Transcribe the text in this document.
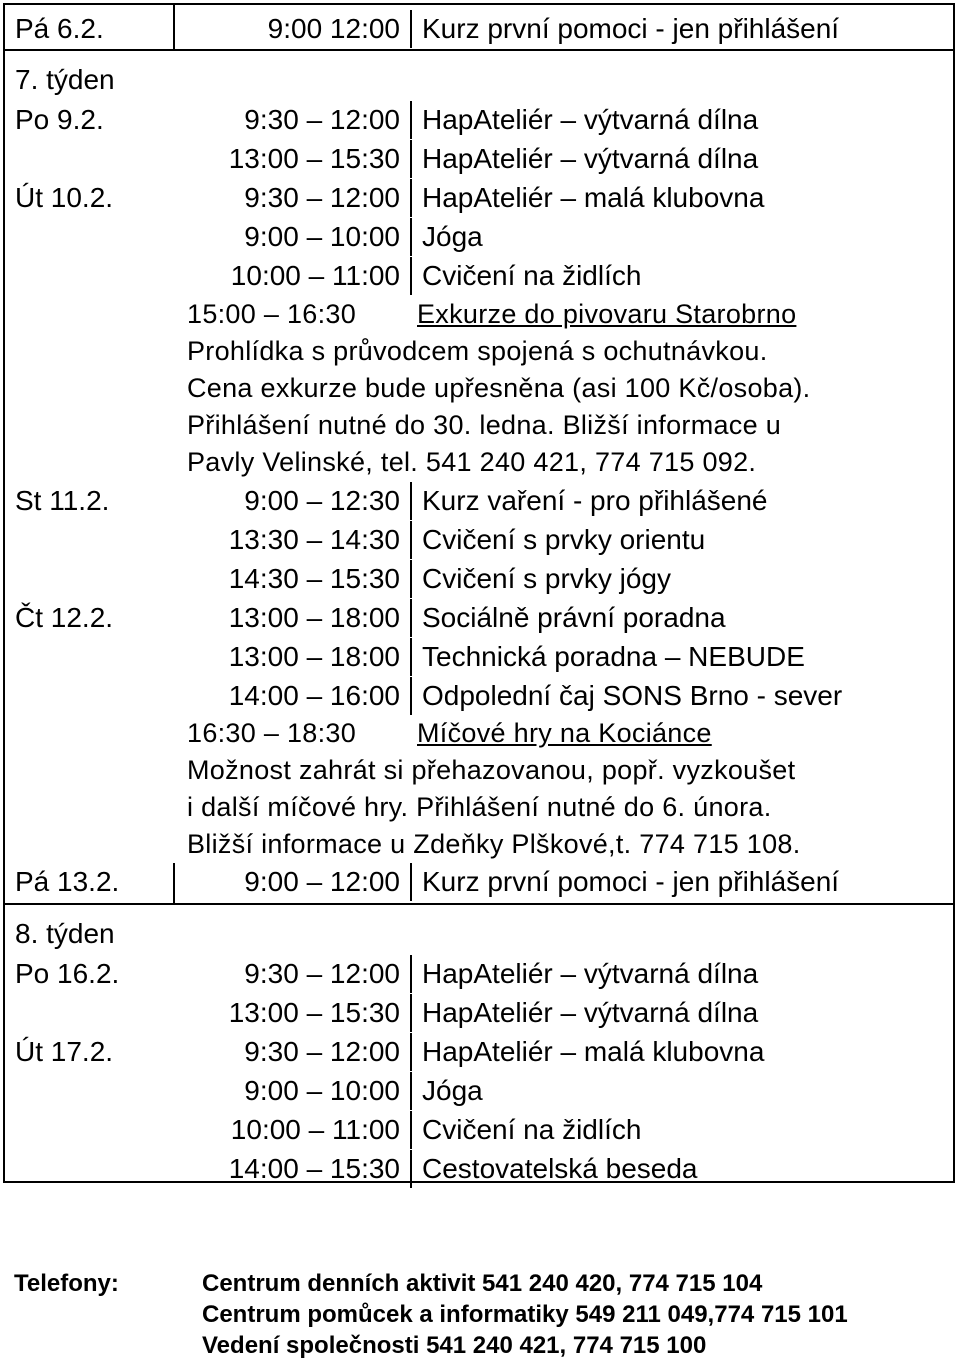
Pá 6.2.	9:00 12:00 Kurz první pomoci - jen přihlášení
7. týden
Po 9.2.	9:30 – 12:00 HapAteliér – výtvarná dílna
13:00 – 15:30 HapAteliér – výtvarná dílna
Út 10.2.	9:30 – 12:00 HapAteliér – malá klubovna
9:00 – 10:00 Jóga
10:00 – 11:00 Cvičení na židlích
15:00 – 16:30 Exkurze do pivovaru Starobrno
Prohlídka s průvodcem spojená s ochutnávkou.
Cena exkurze bude upřesněna (asi 100 Kč/osoba).
Přihlášení nutné do 30. ledna. Bližší informace u
Pavly Velinské, tel. 541 240 421, 774 715 092.
St 11.2.	9:00 – 12:30 Kurz vaření - pro přihlášené
13:30 – 14:30 Cvičení s prvky orientu
14:30 – 15:30 Cvičení s prvky jógy
Čt 12.2.	13:00 – 18:00 Sociálně právní poradna
13:00 – 18:00 Technická poradna – NEBUDE
14:00 – 16:00 Odpolední čaj SONS Brno - sever
16:30 – 18:30 Míčové hry na Kociánce
Možnost zahrát si přehazovanou, popř. vyzkoušet
i další míčové hry. Přihlášení nutné do 6. února.
Bližší informace u Zdeňky Plškové,t. 774 715 108.
Pá 13.2.	9:00 – 12:00 Kurz první pomoci - jen přihlášení
8. týden
Po 16.2.	9:30 – 12:00 HapAteliér – výtvarná dílna
13:00 – 15:30 HapAteliér – výtvarná dílna
Út 17.2.	9:30 – 12:00 HapAteliér – malá klubovna
9:00 – 10:00 Jóga
10:00 – 11:00 Cvičení na židlích
14:00 – 15:30 Cestovatelská beseda
Telefony:	Centrum denních aktivit 541 240 420, 774 715 104
Centrum pomůcek a informatiky 549 211 049,774 715 101
Vedení společnosti 541 240 421, 774 715 100
